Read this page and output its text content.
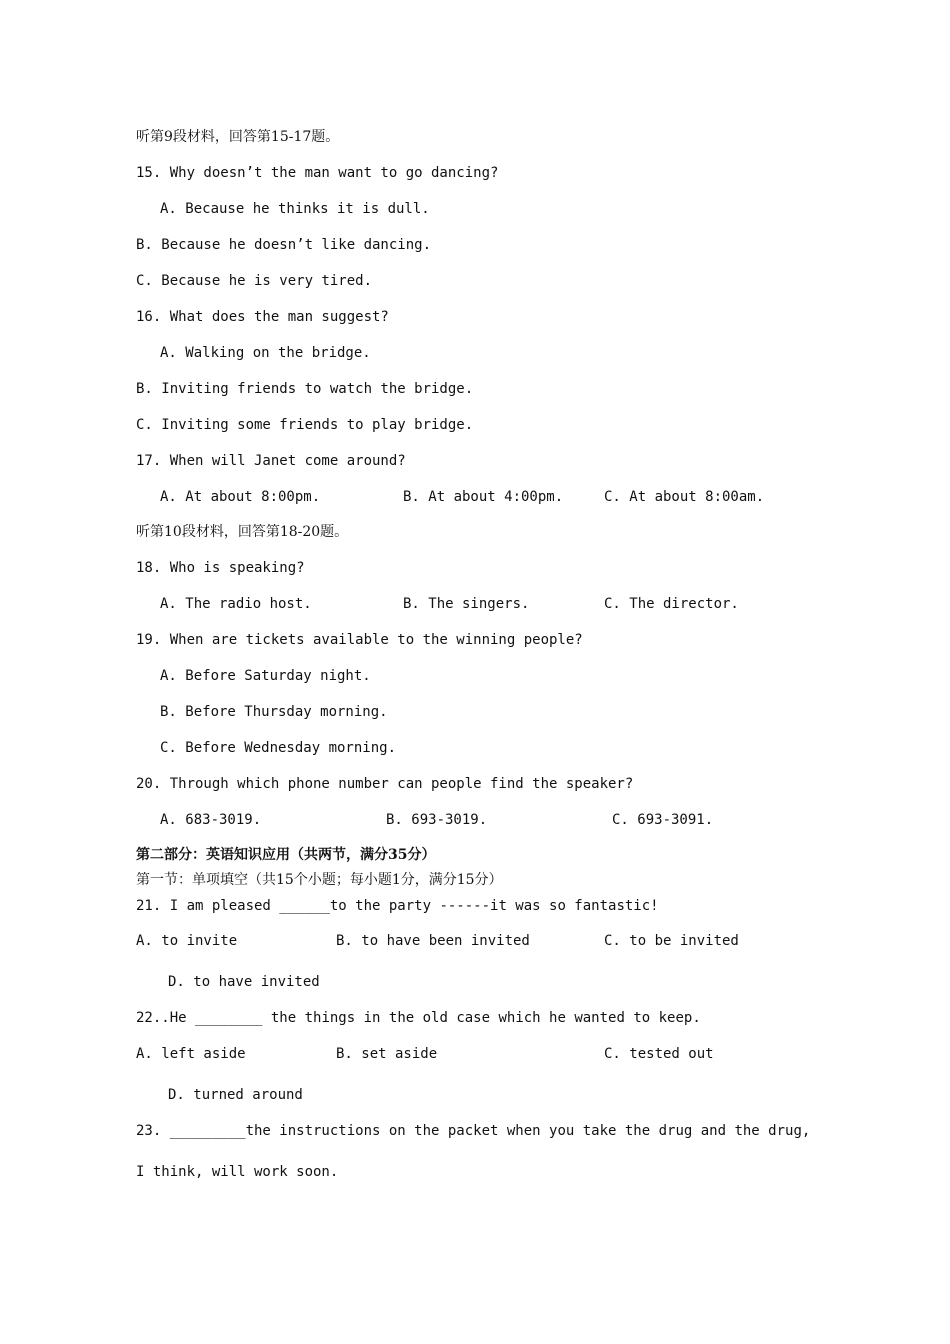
听第9段材料，回答第15-17题。
15. Why doesn’t the man want to go dancing?
A. Because he thinks it is dull.
B. Because he doesn’t like dancing.
C. Because he is very tired.
16. What does the man suggest?
A. Walking on the bridge.
B. Inviting friends to watch the bridge.
C. Inviting some friends to play bridge.
17. When will Janet come around?
A. At about 8:00pm.	B. At about 4:00pm.	C. At about 8:00am.
听第10段材料，回答第18-20题。
18. Who is speaking?
A. The radio host.	B. The singers.	C. The director.
19. When are tickets available to the winning people?
A. Before Saturday night.
B. Before Thursday morning.
C. Before Wednesday morning.
20. Through which phone number can people find the speaker?
A. 683-3019.	B. 693-3019.	C. 693-3091.
第二部分：英语知识应用（共两节，满分35分）
第一节：单项填空（共15个小题；每小题1分，满分15分）
21. I am pleased ______to the party ------it was so fantastic!
A. to invite	B. to have been invited	C. to be invited
D. to have invited
22..He ________ the things in the old case which he wanted to keep.
A. left aside	B. set aside	C. tested out
D. turned around
23. _________the instructions on the packet when you take the drug and the drug,
I think, will work soon.
